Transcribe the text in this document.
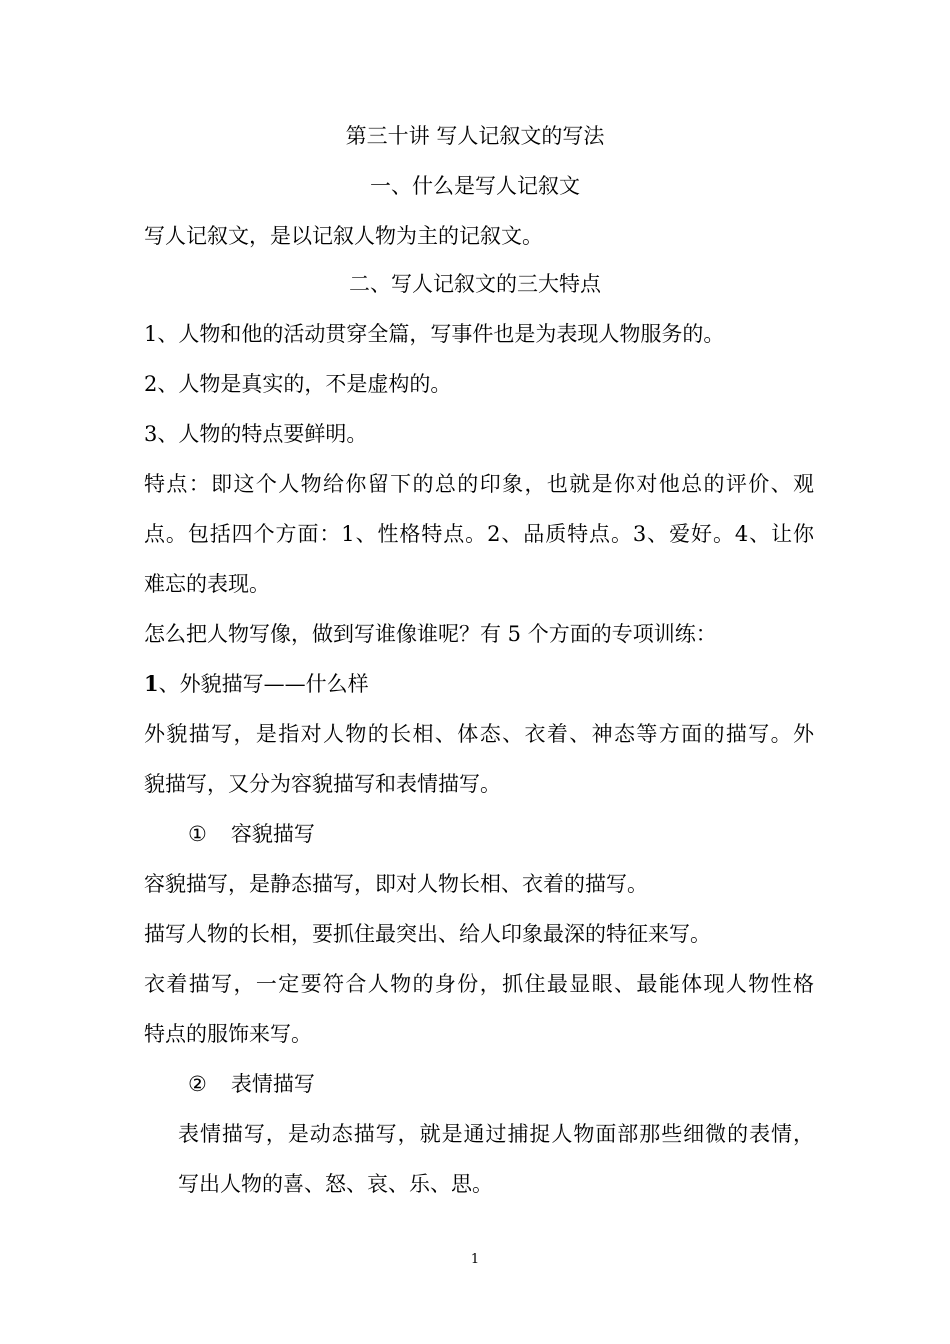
第三十讲 写人记叙文的写法
一、什么是写人记叙文
写人记叙文，是以记叙人物为主的记叙文。
二、写人记叙文的三大特点
1、人物和他的活动贯穿全篇，写事件也是为表现人物服务的。
2、人物是真实的，不是虚构的。
3、人物的特点要鲜明。
特点：即这个人物给你留下的总的印象，也就是你对他总的评价、观
点。包括四个方面：1、性格特点。2、品质特点。3、爱好。4、让你
难忘的表现。
怎么把人物写像，做到写谁像谁呢？有 5 个方面的专项训练：
1、外貌描写——什么样
外貌描写，是指对人物的长相、体态、衣着、神态等方面的描写。外
貌描写，又分为容貌描写和表情描写。
① 容貌描写
容貌描写，是静态描写，即对人物长相、衣着的描写。
描写人物的长相，要抓住最突出、给人印象最深的特征来写。
衣着描写，一定要符合人物的身份，抓住最显眼、最能体现人物性格
特点的服饰来写。
② 表情描写
表情描写，是动态描写，就是通过捕捉人物面部那些细微的表情，
写出人物的喜、怒、哀、乐、思。
1
